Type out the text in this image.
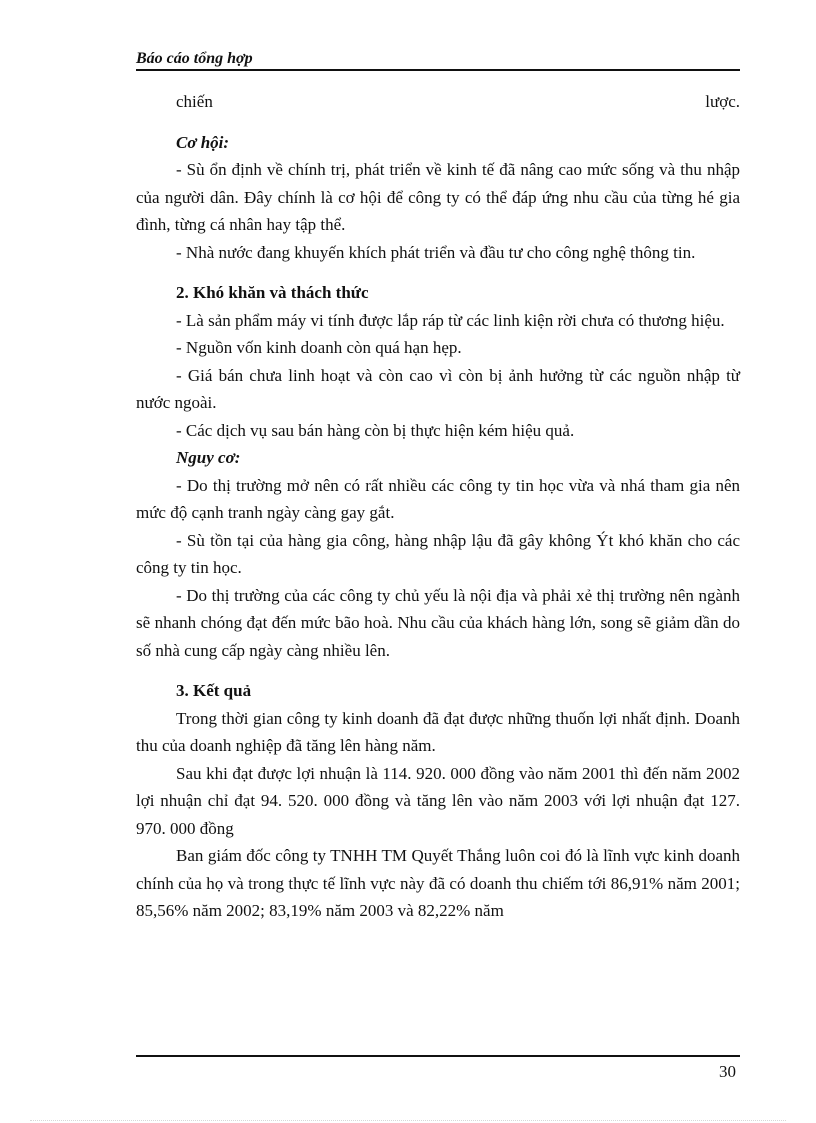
Báo cáo tổng hợp
chiến	lược.
Cơ hội:

- Sù ổn định về chính trị, phát triển về kinh tế đã nâng cao mức sống và thu nhập của người dân. Đây chính là cơ hội để công ty có thể đáp ứng nhu cầu của từng hé gia đình, từng cá nhân hay tập thể.

- Nhà nước đang khuyến khích phát triển và đầu tư cho công nghệ thông tin.

2. Khó khăn và thách thức

- Là sản phẩm máy vi tính được lắp ráp từ các linh kiện rời chưa có thương hiệu.

- Nguồn vốn kinh doanh còn quá hạn hẹp.

- Giá bán chưa linh hoạt và còn cao vì còn bị ảnh hưởng từ các nguồn nhập từ nước ngoài.

- Các dịch vụ sau bán hàng còn bị thực hiện kém hiệu quả.

Nguy cơ:

- Do thị trường mở nên có rất nhiều các công ty tin học vừa và nhá tham gia nên mức độ cạnh tranh ngày càng gay gắt.

- Sù tồn tại của hàng gia công, hàng nhập lậu đã gây không Ýt khó khăn cho các công ty tin học.

- Do thị trường của các công ty chủ yếu là nội địa và phải xẻ thị trường nên ngành sẽ nhanh chóng đạt đến mức bão hoà. Nhu cầu của khách hàng lớn, song sẽ giảm dần do số nhà cung cấp ngày càng nhiều lên.

3. Kết quả

Trong thời gian công ty kinh doanh đã đạt được những thuốn lợi nhất định. Doanh thu của doanh nghiệp đã tăng lên hàng năm.

Sau khi đạt được lợi nhuận là 114. 920. 000 đồng vào năm 2001 thì đến năm 2002 lợi nhuận chỉ đạt 94. 520. 000 đồng và tăng lên vào năm 2003 với lợi nhuận đạt 127. 970. 000 đồng

Ban giám đốc công ty TNHH TM Quyết Thắng luôn coi đó là lĩnh vực kinh doanh chính của họ và trong thực tế lĩnh vực này đã có doanh thu chiếm tới 86,91% năm 2001; 85,56% năm 2002; 83,19% năm 2003 và 82,22% năm

30
